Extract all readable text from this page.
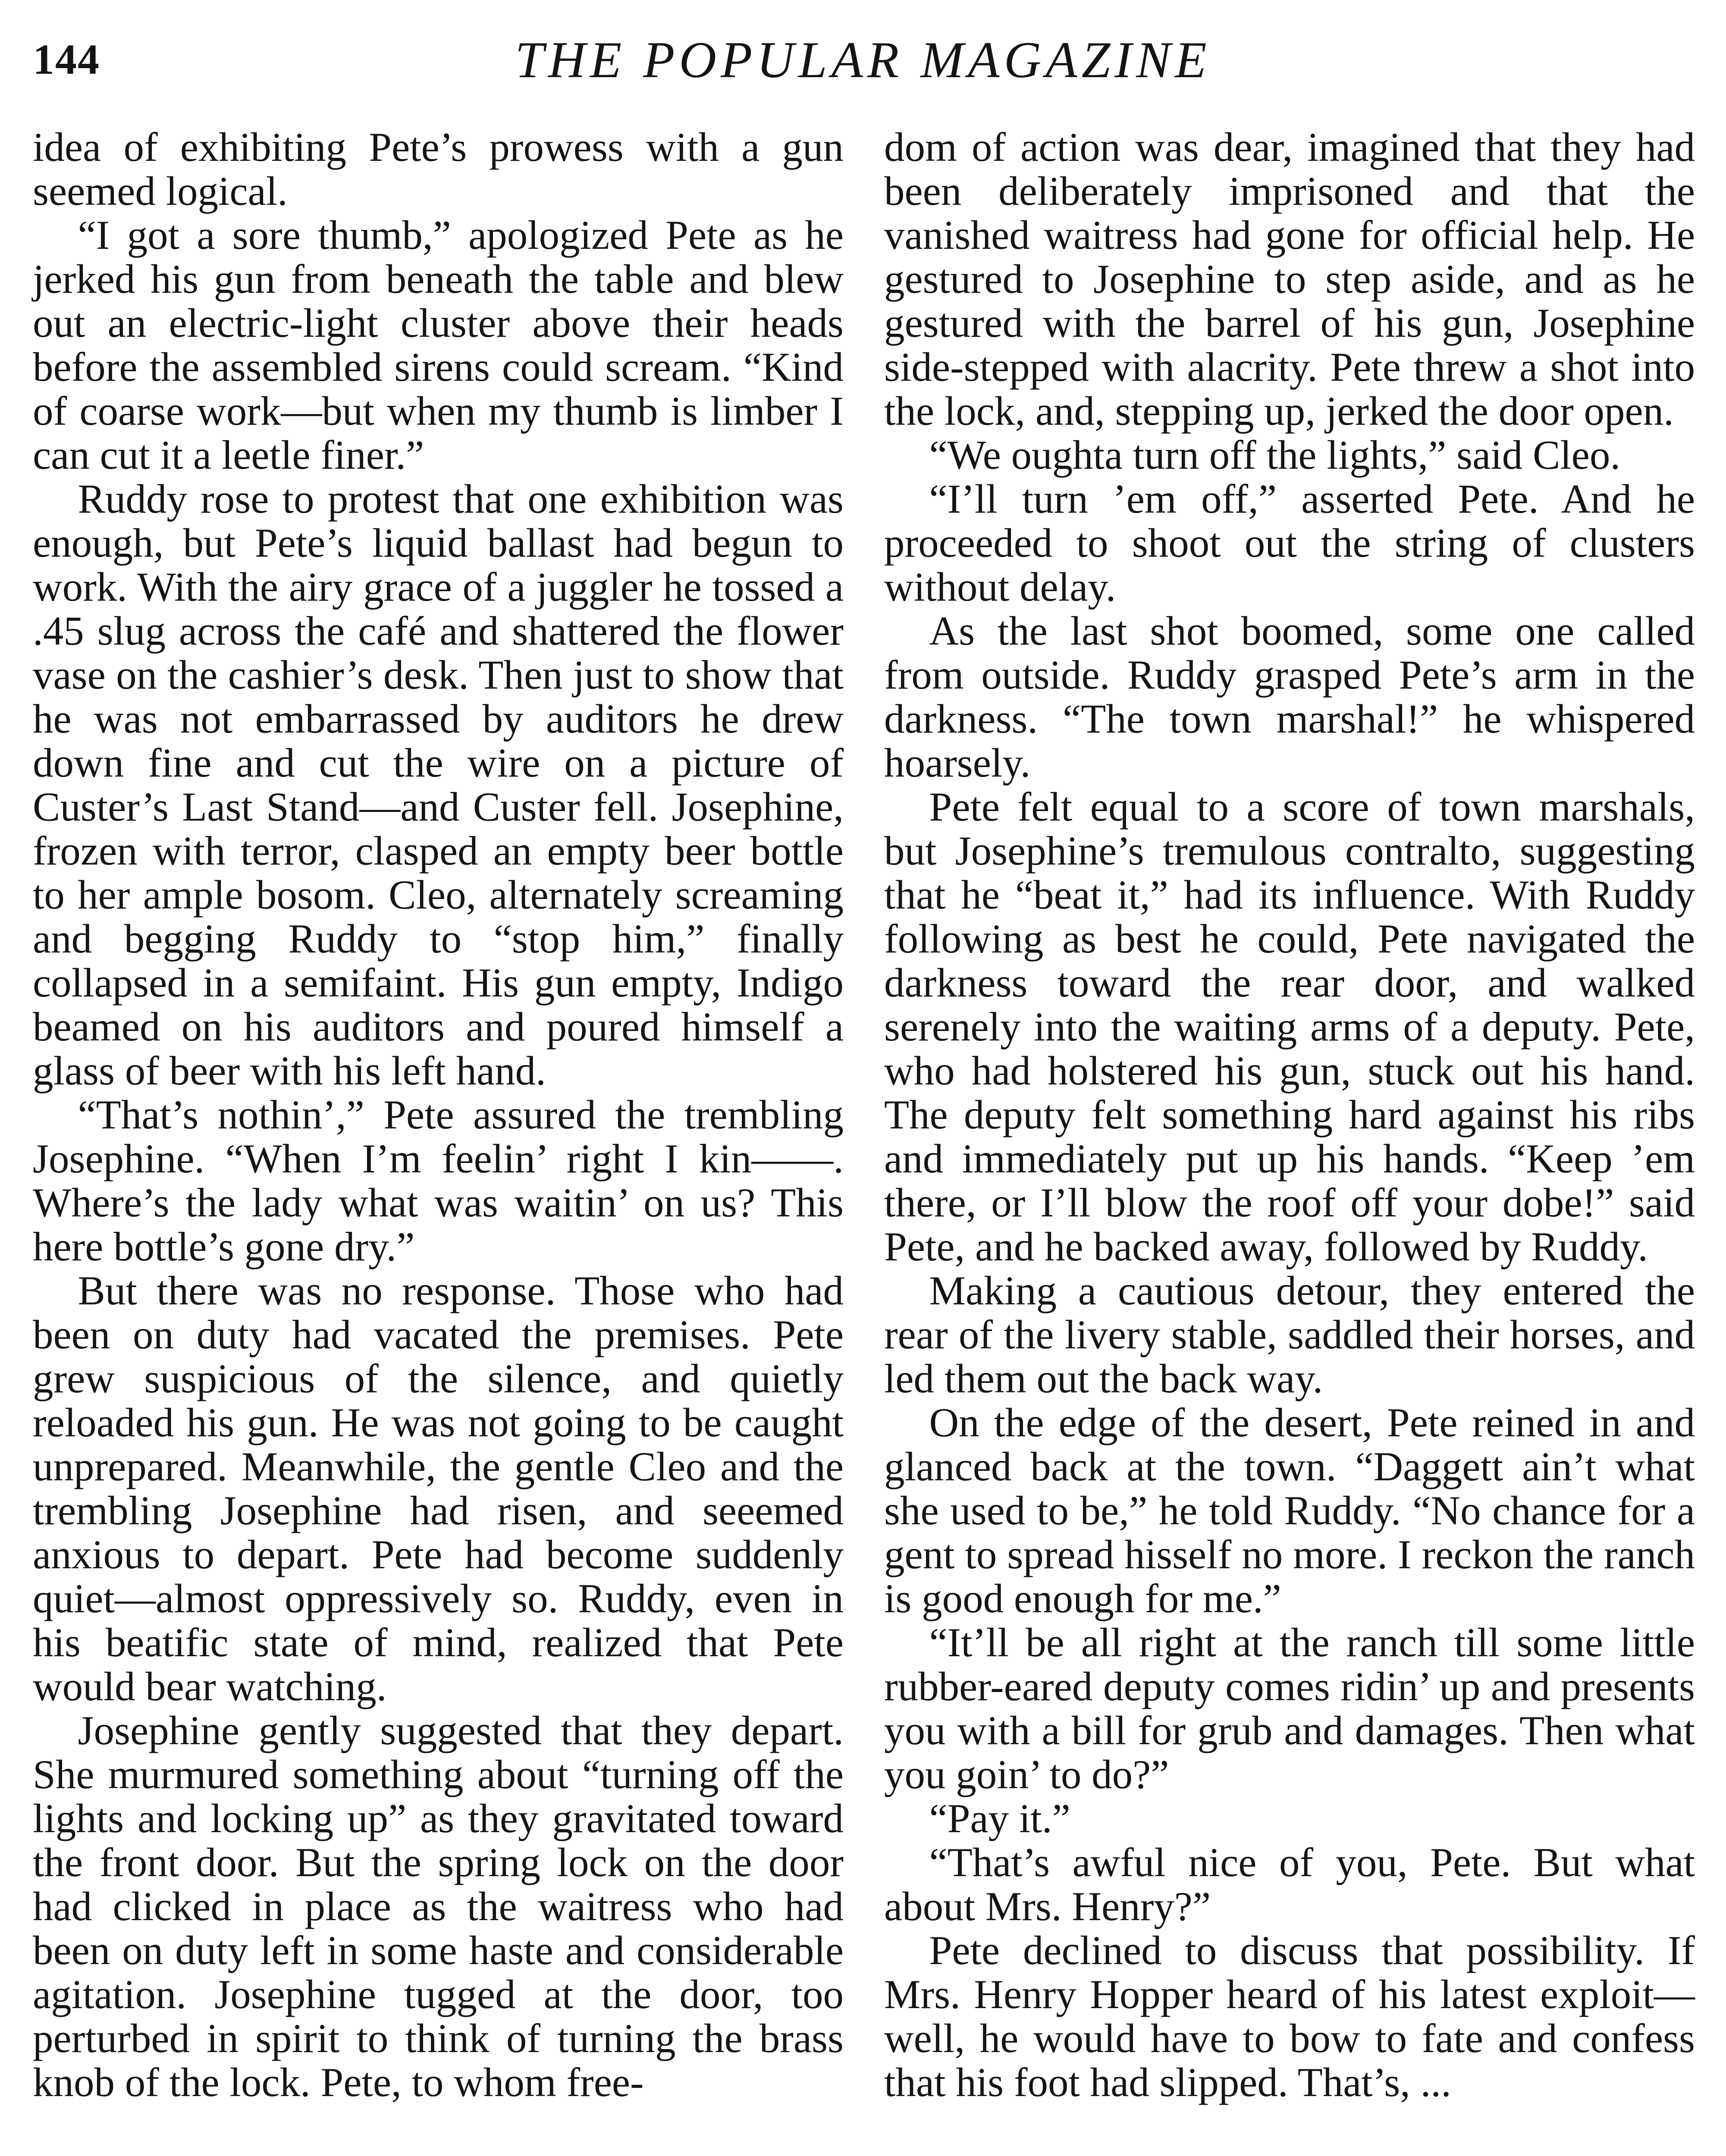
144	THE POPULAR MAGAZINE

idea of exhibiting Pete’s prowess with a gun seemed logical.

“I got a sore thumb,” apologized Pete as he jerked his gun from beneath the table and blew out an electric-light cluster above their heads before the assembled sirens could scream. “Kind of coarse work—but when my thumb is limber I can cut it a leetle finer.”

Ruddy rose to protest that one exhibition was enough, but Pete’s liquid ballast had begun to work. With the airy grace of a juggler he tossed a .45 slug across the café and shattered the flower vase on the cashier’s desk. Then just to show that he was not embarrassed by auditors he drew down fine and cut the wire on a picture of Custer’s Last Stand—and Custer fell. Josephine, frozen with terror, clasped an empty beer bottle to her ample bosom. Cleo, alternately screaming and begging Ruddy to “stop him,” finally collapsed in a semifaint. His gun empty, Indigo beamed on his auditors and poured himself a glass of beer with his left hand.

“That’s nothin’,” Pete assured the trembling Josephine. “When I’m feelin’ right I kin——. Where’s the lady what was waitin’ on us? This here bottle’s gone dry.”

But there was no response. Those who had been on duty had vacated the premises. Pete grew suspicious of the silence, and quietly reloaded his gun. He was not going to be caught unprepared. Meanwhile, the gentle Cleo and the trembling Josephine had risen, and seeemed anxious to depart. Pete had become suddenly quiet—almost oppressively so. Ruddy, even in his beatific state of mind, realized that Pete would bear watching.

Josephine gently suggested that they depart. She murmured something about “turning off the lights and locking up” as they gravitated toward the front door. But the spring lock on the door had clicked in place as the waitress who had been on duty left in some haste and considerable agitation. Josephine tugged at the door, too perturbed in spirit to think of turning the brass knob of the lock. Pete, to whom free-

dom of action was dear, imagined that they had been deliberately imprisoned and that the vanished waitress had gone for official help. He gestured to Josephine to step aside, and as he gestured with the barrel of his gun, Josephine side-stepped with alacrity. Pete threw a shot into the lock, and, stepping up, jerked the door open.

“We oughta turn off the lights,” said Cleo.

“I’ll turn ’em off,” asserted Pete. And he proceeded to shoot out the string of clusters without delay.

As the last shot boomed, some one called from outside. Ruddy grasped Pete’s arm in the darkness. “The town marshal!” he whispered hoarsely.

Pete felt equal to a score of town marshals, but Josephine’s tremulous contralto, suggesting that he “beat it,” had its influence. With Ruddy following as best he could, Pete navigated the darkness toward the rear door, and walked serenely into the waiting arms of a deputy. Pete, who had holstered his gun, stuck out his hand. The deputy felt something hard against his ribs and immediately put up his hands. “Keep ’em there, or I’ll blow the roof off your dobe!” said Pete, and he backed away, followed by Ruddy.

Making a cautious detour, they entered the rear of the livery stable, saddled their horses, and led them out the back way.

On the edge of the desert, Pete reined in and glanced back at the town. “Daggett ain’t what she used to be,” he told Ruddy. “No chance for a gent to spread hisself no more. I reckon the ranch is good enough for me.”

“It’ll be all right at the ranch till some little rubber-eared deputy comes ridin’ up and presents you with a bill for grub and damages. Then what you goin’ to do?”

“Pay it.”

“That’s awful nice of you, Pete. But what about Mrs. Henry?”

Pete declined to discuss that possibility. If Mrs. Henry Hopper heard of his latest exploit—well, he would have to bow to fate and confess that his foot had slipped. That’s, ...
